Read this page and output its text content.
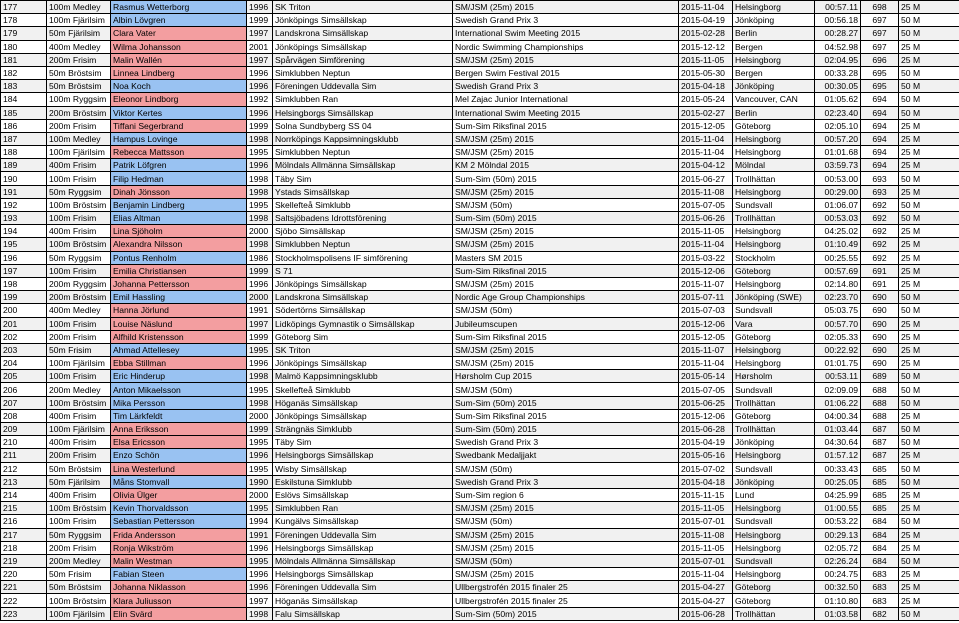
177	100m Medley	Rasmus Wetterborg	1996	SK Triton	SM/JSM (25m) 2015	2015-11-04	Helsingborg	00:57.11	698	25 M
178	100m Fjärilsim	Albin Lövgren	1999	Jönköpings Simsällskap	Swedish Grand Prix 3	2015-04-19	Jönköping	00:56.18	697	50 M
179	50m Fjärilsim	Clara Vater	1997	Landskrona Simsällskap	International Swim Meeting 2015	2015-02-28	Berlin	00:28.27	697	50 M
180	400m Medley	Wilma Johansson	2001	Jönköpings Simsällskap	Nordic Swimming Championships	2015-12-12	Bergen	04:52.98	697	25 M
181	200m Frisim	Malin Wallén	1997	Spårvägen Simförening	SM/JSM (25m) 2015	2015-11-05	Helsingborg	02:04.95	696	25 M
182	50m Bröstsim	Linnea Lindberg	1996	Simklubben Neptun	Bergen Swim Festival 2015	2015-05-30	Bergen	00:33.28	695	50 M
183	50m Bröstsim	Noa Koch	1996	Föreningen Uddevalla Sim	Swedish Grand Prix 3	2015-04-18	Jönköping	00:30.05	695	50 M
184	100m Ryggsim	Eleonor Lindborg	1992	Simklubben Ran	Mel Zajac Junior International	2015-05-24	Vancouver, CAN	01:05.62	694	50 M
185	200m Bröstsim	Viktor Kertes	1996	Helsingborgs Simsällskap	International Swim Meeting 2015	2015-02-27	Berlin	02:23.40	694	50 M
186	200m Frisim	Tiffani Segerbrand	1999	Solna Sundbyberg SS 04	Sum-Sim Riksfinal 2015	2015-12-05	Göteborg	02:05.10	694	25 M
187	100m Medley	Hampus Lovinge	1998	Norrköpings Kappsimningsklubb	SM/JSM (25m) 2015	2015-11-04	Helsingborg	00:57.20	694	25 M
188	100m Fjärilsim	Rebecca Mattsson	1995	Simklubben Neptun	SM/JSM (25m) 2015	2015-11-04	Helsingborg	01:01.68	694	25 M
189	400m Frisim	Patrik Löfgren	1996	Mölndals Allmänna Simsällskap	KM 2 Mölndal 2015	2015-04-12	Mölndal	03:59.73	694	25 M
190	100m Frisim	Filip Hedman	1998	Täby Sim	Sum-Sim (50m) 2015	2015-06-27	Trollhättan	00:53.00	693	50 M
191	50m Ryggsim	Dinah Jönsson	1998	Ystads Simsällskap	SM/JSM (25m) 2015	2015-11-08	Helsingborg	00:29.00	693	25 M
192	100m Bröstsim	Benjamin Lindberg	1995	Skellefteå Simklubb	SM/JSM (50m)	2015-07-05	Sundsvall	01:06.07	692	50 M
193	100m Frisim	Elias Altman	1998	Saltsjöbadens Idrottsförening	Sum-Sim (50m) 2015	2015-06-26	Trollhättan	00:53.03	692	50 M
194	400m Frisim	Lina Sjöholm	2000	Sjöbo Simsällskap	SM/JSM (25m) 2015	2015-11-05	Helsingborg	04:25.02	692	25 M
195	100m Bröstsim	Alexandra Nilsson	1998	Simklubben Neptun	SM/JSM (25m) 2015	2015-11-04	Helsingborg	01:10.49	692	25 M
196	50m Ryggsim	Pontus Renholm	1986	Stockholmspolisens IF simförening	Masters SM 2015	2015-03-22	Stockholm	00:25.55	692	25 M
197	100m Frisim	Emilia Christiansen	1999	S 71	Sum-Sim Riksfinal 2015	2015-12-06	Göteborg	00:57.69	691	25 M
198	200m Ryggsim	Johanna Pettersson	1996	Jönköpings Simsällskap	SM/JSM (25m) 2015	2015-11-07	Helsingborg	02:14.80	691	25 M
199	200m Bröstsim	Emil Hassling	2000	Landskrona Simsällskap	Nordic Age Group Championships	2015-07-11	Jönköping (SWE)	02:23.70	690	50 M
200	400m Medley	Hanna Jörlund	1991	Södertörns Simsällskap	SM/JSM (50m)	2015-07-03	Sundsvall	05:03.75	690	50 M
201	100m Frisim	Louise Näslund	1997	Lidköpings Gymnastik o Simsällskap	Jubileumscupen	2015-12-06	Vara	00:57.70	690	25 M
202	200m Frisim	Alfhild Kristensson	1999	Göteborg Sim	Sum-Sim Riksfinal 2015	2015-12-05	Göteborg	02:05.33	690	25 M
203	50m Frisim	Ahmad Attellesey	1995	SK Triton	SM/JSM (25m) 2015	2015-11-07	Helsingborg	00:22.92	690	25 M
204	100m Fjärilsim	Ebba Stillman	1996	Jönköpings Simsällskap	SM/JSM (25m) 2015	2015-11-04	Helsingborg	01:01.75	690	25 M
205	100m Frisim	Eric Hinderup	1998	Malmö Kappsimningsklubb	Hørsholm Cup 2015	2015-05-14	Hørsholm	00:53.11	689	50 M
206	200m Medley	Anton Mikaelsson	1995	Skellefteå Simklubb	SM/JSM (50m)	2015-07-05	Sundsvall	02:09.09	688	50 M
207	100m Bröstsim	Mika Persson	1998	Höganäs Simsällskap	Sum-Sim (50m) 2015	2015-06-25	Trollhättan	01:06.22	688	50 M
208	400m Frisim	Tim Lärkfeldt	2000	Jönköpings Simsällskap	Sum-Sim Riksfinal 2015	2015-12-06	Göteborg	04:00.34	688	25 M
209	100m Fjärilsim	Anna Eriksson	1999	Strängnäs Simklubb	Sum-Sim (50m) 2015	2015-06-28	Trollhättan	01:03.44	687	50 M
210	400m Frisim	Elsa Ericsson	1995	Täby Sim	Swedish Grand Prix 3	2015-04-19	Jönköping	04:30.64	687	50 M
211	200m Frisim	Enzo Schön	1996	Helsingborgs Simsällskap	Swedbank Medaljjakt	2015-05-16	Helsingborg	01:57.12	687	25 M
212	50m Bröstsim	Lina Westerlund	1995	Wisby Simsällskap	SM/JSM (50m)	2015-07-02	Sundsvall	00:33.43	685	50 M
213	50m Fjärilsim	Måns Stomvall	1990	Eskilstuna Simklubb	Swedish Grand Prix 3	2015-04-18	Jönköping	00:25.05	685	50 M
214	400m Frisim	Olivia Ülger	2000	Eslövs Simsällskap	Sum-Sim region 6	2015-11-15	Lund	04:25.99	685	25 M
215	100m Bröstsim	Kevin Thorvaldsson	1995	Simklubben Ran	SM/JSM (25m) 2015	2015-11-05	Helsingborg	01:00.55	685	25 M
216	100m Frisim	Sebastian Pettersson	1994	Kungälvs Simsällskap	SM/JSM (50m)	2015-07-01	Sundsvall	00:53.22	684	50 M
217	50m Ryggsim	Frida Andersson	1991	Föreningen Uddevalla Sim	SM/JSM (25m) 2015	2015-11-08	Helsingborg	00:29.13	684	25 M
218	200m Frisim	Ronja Wikström	1996	Helsingborgs Simsällskap	SM/JSM (25m) 2015	2015-11-05	Helsingborg	02:05.72	684	25 M
219	200m Medley	Malin Westman	1995	Mölndals Allmänna Simsällskap	SM/JSM (50m)	2015-07-01	Sundsvall	02:26.24	684	50 M
220	50m Frisim	Fabian Steen	1996	Helsingborgs Simsällskap	SM/JSM (25m) 2015	2015-11-04	Helsingborg	00:24.75	683	25 M
221	50m Bröstsim	Johanna Niklasson	1996	Föreningen Uddevalla Sim	Ullbergstrofén 2015 finaler 25	2015-04-27	Göteborg	00:32.50	683	25 M
222	100m Bröstsim	Klara Juliusson	1997	Höganäs Simsällskap	Ullbergstrofén 2015 finaler 25	2015-04-27	Göteborg	01:10.80	683	25 M
223	100m Fjärilsim	Elin Svärd	1998	Falu Simsällskap	Sum-Sim (50m) 2015	2015-06-28	Trollhättan	01:03.58	682	50 M
